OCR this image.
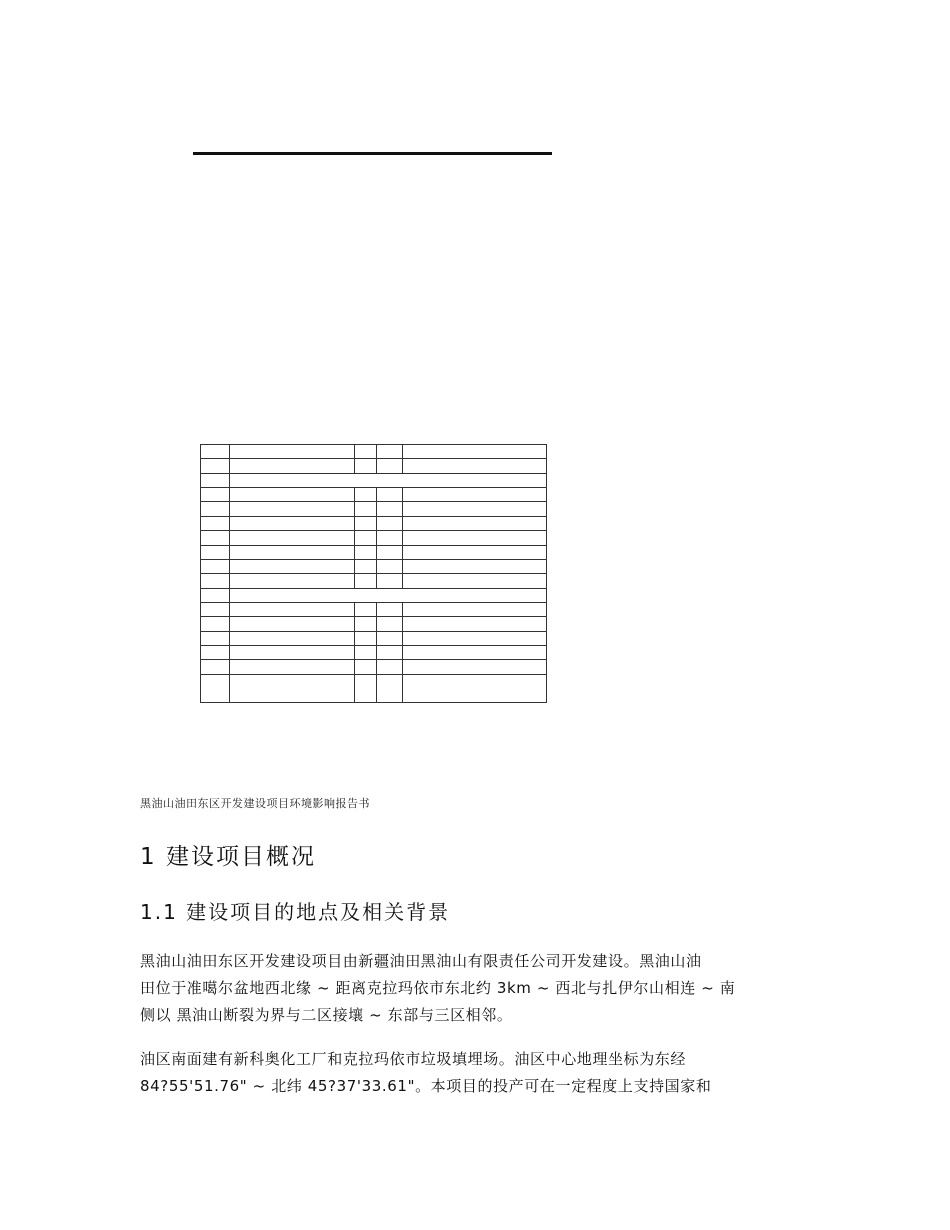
黑油山油田东区开发建设项目环境影响报告书
1 建设项目概况
1.1 建设项目的地点及相关背景

黑油山油田东区开发建设项目由新疆油田黑油山有限责任公司开发建设。黑油山油
田位于准噶尔盆地西北缘 ~ 距离克拉玛依市东北约 3km ~ 西北与扎伊尔山相连 ~ 南
侧以 黑油山断裂为界与二区接壤 ~ 东部与三区相邻。

油区南面建有新科奥化工厂和克拉玛依市垃圾填埋场。油区中心地理坐标为东经
84?55'51.76" ~ 北纬 45?37'33.61"。本项目的投产可在一定程度上支持国家和
